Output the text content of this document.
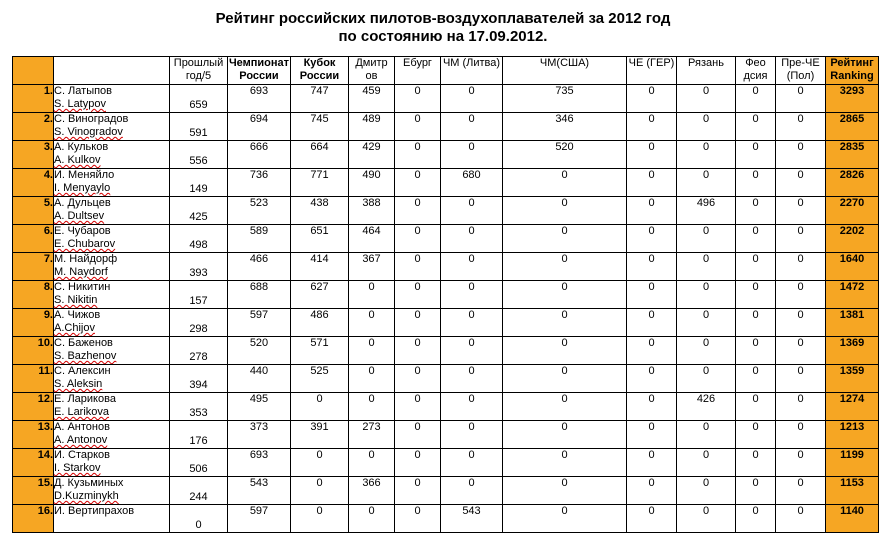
Рейтинг российских пилотов-воздухоплавателей за 2012 год
по состоянию на 17.09.2012.
		Прошлый год/5	Чемпионат России	Кубок России	Дмитр ов	Ебург	ЧМ (Литва)	ЧМ(США)	ЧЕ (ГЕР)	Рязань	Фео дсия	Пре-ЧЕ (Пол)	Рейтинг Ranking
1.	С. Латыпов
S. Latypov	659	693	747	459	0	0	735	0	0	0	0	3293
2.	С. Виноградов
S. Vinogradov	591	694	745	489	0	0	346	0	0	0	0	2865
3.	А. Кульков
A. Kulkov	556	666	664	429	0	0	520	0	0	0	0	2835
4.	И. Меняйло
I. Menyaylo	149	736	771	490	0	680	0	0	0	0	0	2826
5.	А. Дульцев
A. Dultsev	425	523	438	388	0	0	0	0	496	0	0	2270
6.	Е. Чубаров
E. Chubarov	498	589	651	464	0	0	0	0	0	0	0	2202
7.	М. Найдорф
M. Naydorf	393	466	414	367	0	0	0	0	0	0	0	1640
8.	С. Никитин
S. Nikitin	157	688	627	0	0	0	0	0	0	0	0	1472
9.	А. Чижов
A.Chijov	298	597	486	0	0	0	0	0	0	0	0	1381
10.	С. Баженов
S. Bazhenov	278	520	571	0	0	0	0	0	0	0	0	1369
11.	С. Алексин
S. Aleksin	394	440	525	0	0	0	0	0	0	0	0	1359
12.	Е. Ларикова
E. Larikova	353	495	0	0	0	0	0	0	426	0	0	1274
13.	А. Антонов
A. Antonov	176	373	391	273	0	0	0	0	0	0	0	1213
14.	И. Старков
I. Starkov	506	693	0	0	0	0	0	0	0	0	0	1199
15.	Д. Кузьминых
D.Kuzminykh	244	543	0	366	0	0	0	0	0	0	0	1153
16.	И. Вертипрахов	0	597	0	0	0	543	0	0	0	0	0	1140
